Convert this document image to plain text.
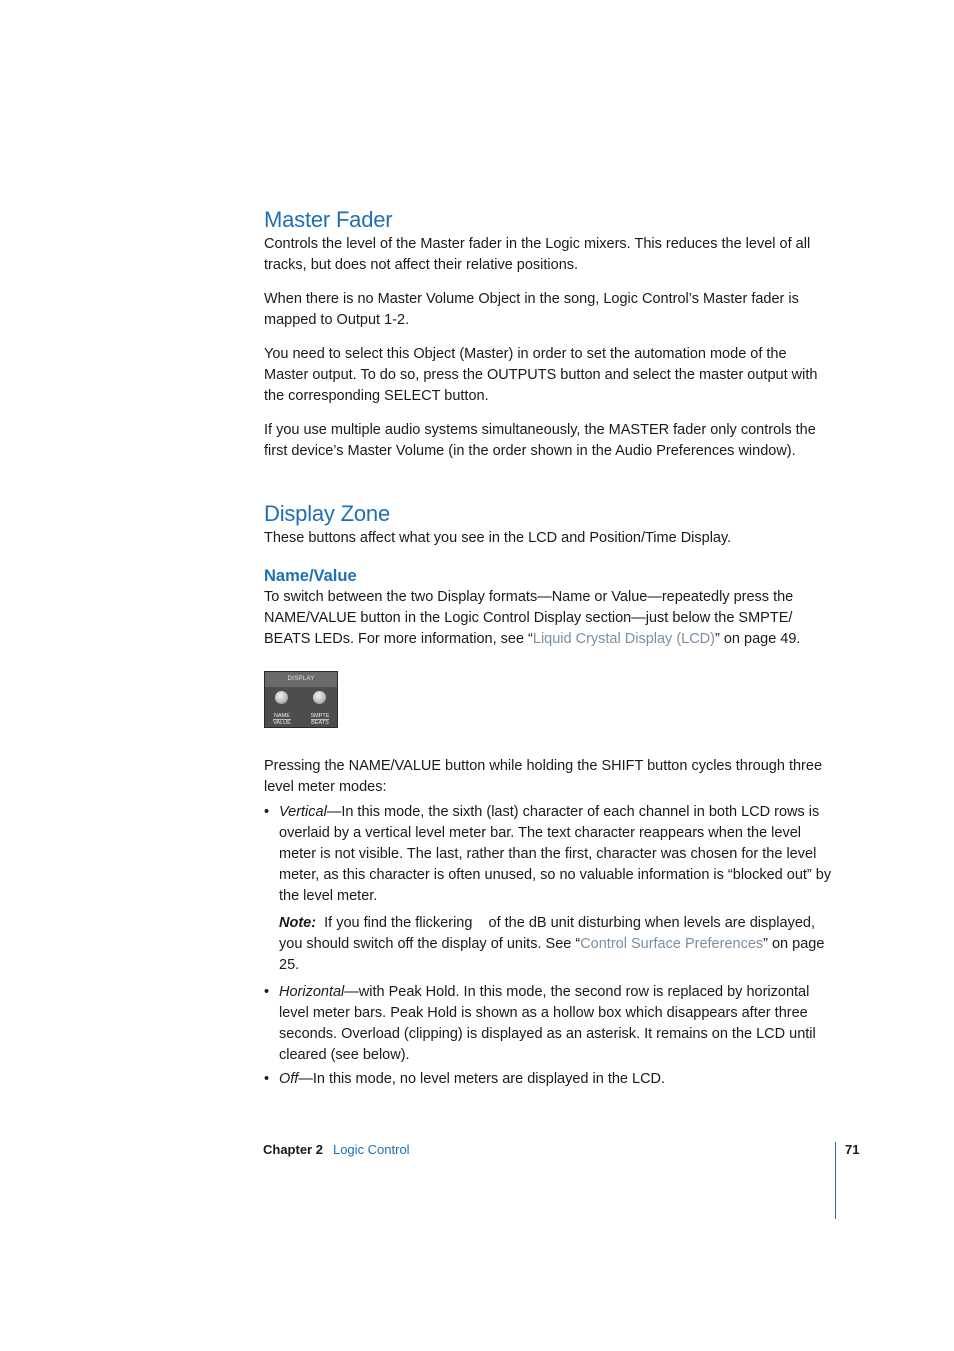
Master Fader

Controls the level of the Master fader in the Logic mixers. This reduces the level of all tracks, but does not affect their relative positions.

When there is no Master Volume Object in the song, Logic Control’s Master fader is mapped to Output 1-2.

You need to select this Object (Master) in order to set the automation mode of the Master output. To do so, press the OUTPUTS button and select the master output with the corresponding SELECT button.

If you use multiple audio systems simultaneously, the MASTER fader only controls the first device’s Master Volume (in the order shown in the Audio Preferences window).

Display Zone

These buttons affect what you see in the LCD and Position/Time Display.

Name/Value

To switch between the two Display formats—Name or Value—repeatedly press the NAME/VALUE button in the Logic Control Display section—just below the SMPTE/ BEATS LEDs. For more information, see “Liquid Crystal Display (LCD)” on page 49.

DISPLAY
NAME
VALUE
SMPTE
BEATS

Pressing the NAME/VALUE button while holding the SHIFT button cycles through three level meter modes:

• Vertical—In this mode, the sixth (last) character of each channel in both LCD rows is overlaid by a vertical level meter bar. The text character reappears when the level meter is not visible. The last, rather than the first, character was chosen for the level meter, as this character is often unused, so no valuable information is “blocked out” by the level meter.

Note:  If you find the flickering    of the dB unit disturbing when levels are displayed, you should switch off the display of units. See “Control Surface Preferences” on page 25.

• Horizontal—with Peak Hold. In this mode, the second row is replaced by horizontal level meter bars. Peak Hold is shown as a hollow box which disappears after three seconds. Overload (clipping) is displayed as an asterisk. It remains on the LCD until cleared (see below).
• Off—In this mode, no level meters are displayed in the LCD.
Chapter 2 Logic Control	71
